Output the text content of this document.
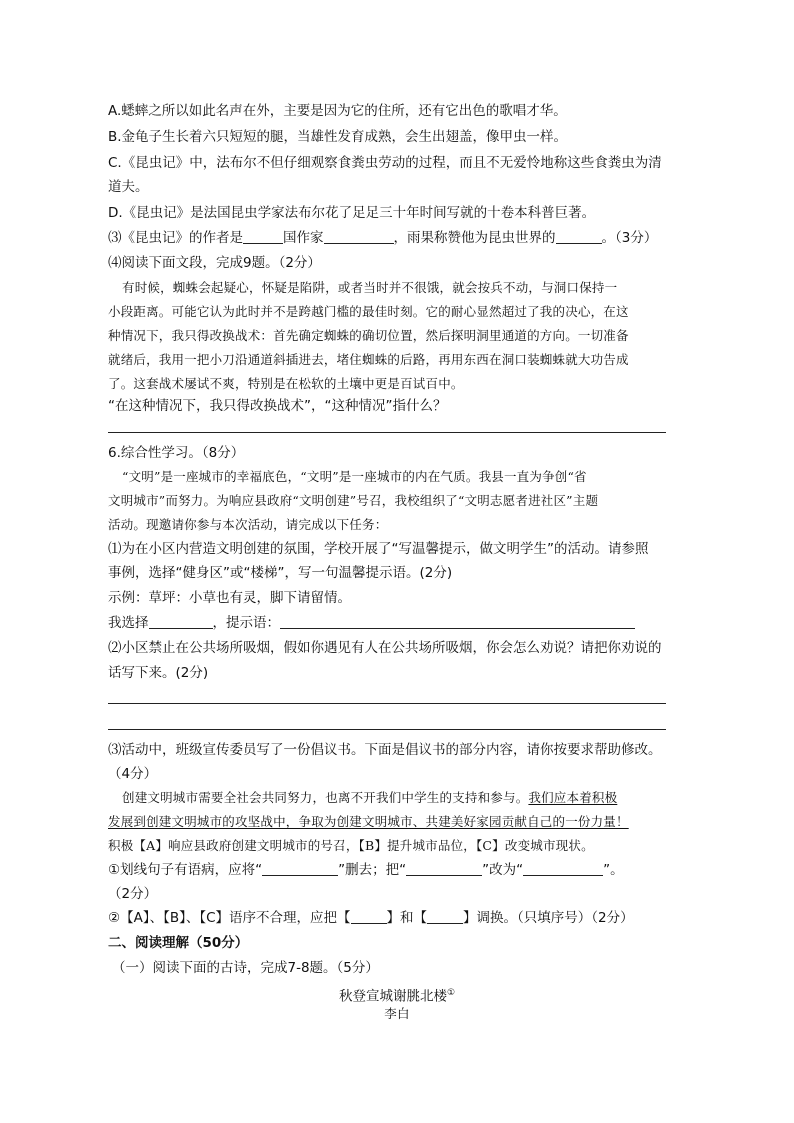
A.蟋蟀之所以如此名声在外，主要是因为它的住所，还有它出色的歌唱才华。
B.金龟子生长着六只短短的腿，当雄性发育成熟，会生出翅盖，像甲虫一样。
C.《昆虫记》中，法布尔不但仔细观察食粪虫劳动的过程，而且不无爱怜地称这些食粪虫为清
道夫。
D.《昆虫记》是法国昆虫学家法布尔花了足足三十年时间写就的十卷本科普巨著。
⑶《昆虫记》的作者是	国作家	，雨果称赞他为昆虫世界的	。（3分）
⑷阅读下面文段，完成9题。（2分）
有时候，蜘蛛会起疑心，怀疑是陷阱，或者当时并不很饿，就会按兵不动，与洞口保持一
小段距离。可能它认为此时并不是跨越门槛的最佳时刻。它的耐心显然超过了我的决心，在这
种情况下，我只得改换战术：首先确定蜘蛛的确切位置，然后探明洞里通道的方向。一切准备
就绪后，我用一把小刀沿通道斜插进去，堵住蜘蛛的后路，再用东西在洞口装蜘蛛就大功告成
了。这套战术屡试不爽，特别是在松软的土壤中更是百试百中。
“在这种情况下，我只得改换战术”，“这种情况”指什么？
6.综合性学习。（8分）
“文明”是一座城市的幸福底色，“文明”是一座城市的内在气质。我县一直为争创“省
文明城市”而努力。为响应县政府“文明创建”号召，我校组织了“文明志愿者进社区”主题
活动。现邀请你参与本次活动，请完成以下任务：
⑴为在小区内营造文明创建的氛围，学校开展了“写温馨提示，做文明学生”的活动。请参照
事例，选择“健身区”或“楼梯”，写一句温馨提示语。(2分)
示例：草坪：小草也有灵，脚下请留情。
我选择	，提示语：
⑵小区禁止在公共场所吸烟，假如你遇见有人在公共场所吸烟，你会怎么劝说？请把你劝说的
话写下来。(2分)
⑶活动中，班级宣传委员写了一份倡议书。下面是倡议书的部分内容，请你按要求帮助修改。
（4分）
创建文明城市需要全社会共同努力，也离不开我们中学生的支持和参与。我们应本着积极
发展到创建文明城市的攻坚战中，争取为创建文明城市、共建美好家园贡献自己的一份力量！
积极【A】响应县政府创建文明城市的号召，【B】提升城市品位，【C】改变城市现状。
①划线句子有语病，应将“	”删去；把“	”改为“	”。
（2分）
②【A】、【B】、【C】语序不合理，应把【	】和【	】调换。（只填序号）（2分）
二、阅读理解（50分）
（一）阅读下面的古诗，完成7-8题。（5分）
秋登宣城谢朓北楼①
李白
